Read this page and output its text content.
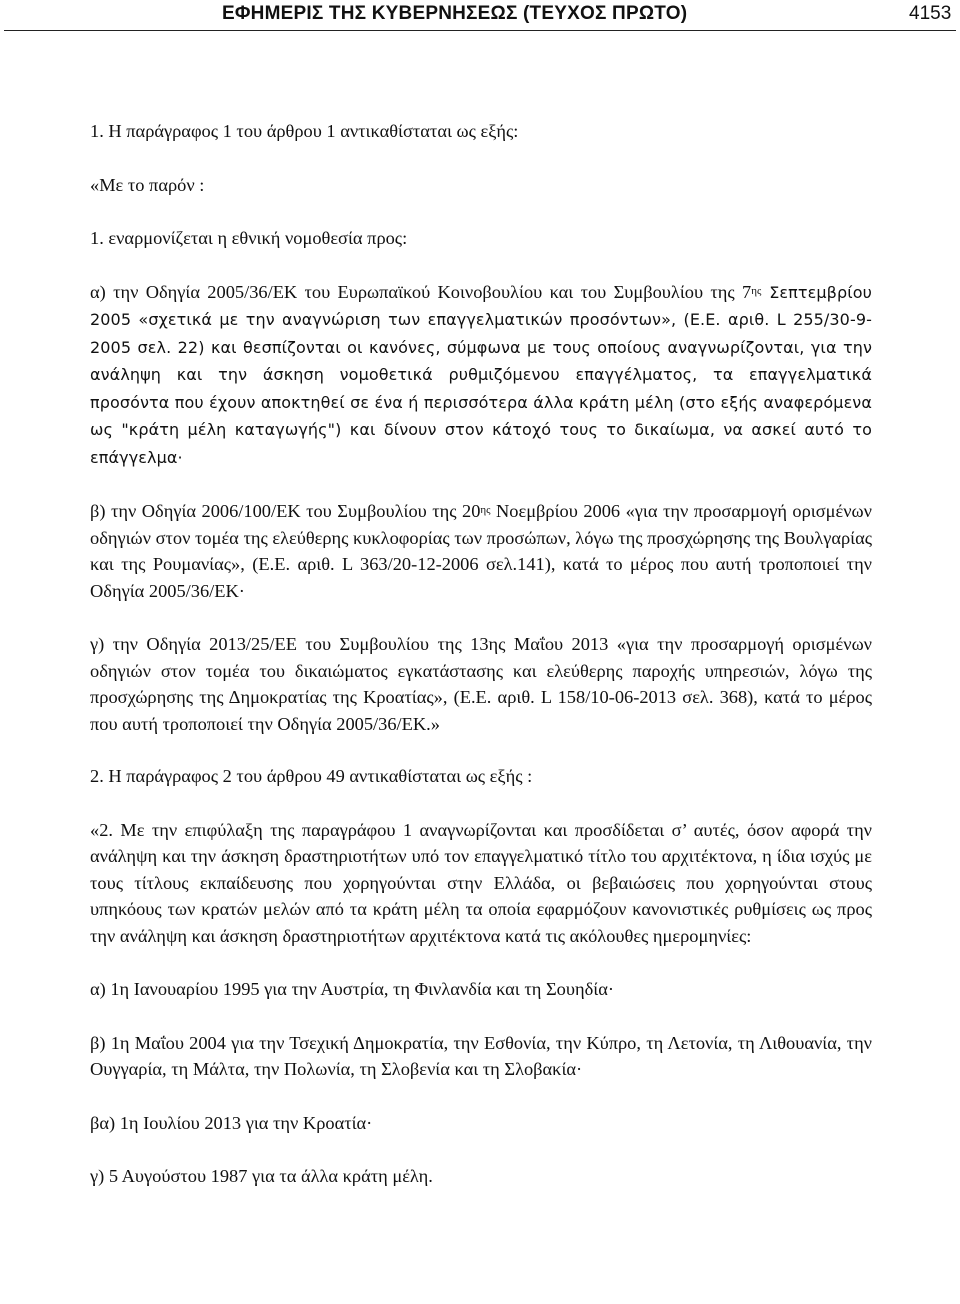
ΕΦΗΜΕΡΙΣ ΤΗΣ ΚΥΒΕΡΝΗΣΕΩΣ (ΤΕΥΧΟΣ ΠΡΩΤΟ)	4153

1. Η παράγραφος 1 του άρθρου 1 αντικαθίσταται ως εξής:

«Με το παρόν :

1. εναρμονίζεται η εθνική νομοθεσία προς:

α) την Οδηγία 2005/36/ΕΚ του Ευρωπαϊκού Κοινοβουλίου και του Συμβουλίου της $7^{\eta\varsigma}$ Σεπτεμβρίου 2005 «σχετικά με την αναγνώριση των επαγγελματικών προσόντων», (Ε.Ε. αριθ. L 255/30-9-2005 σελ. 22) και θεσπίζονται οι κανόνες, σύμφωνα με τους οποίους αναγνωρίζονται, για την ανάληψη και την άσκηση νομοθετικά ρυθμιζόμενου επαγγέλματος, τα επαγγελματικά προσόντα που έχουν αποκτηθεί σε ένα ή περισσότερα άλλα κράτη μέλη (στο εξής αναφερόμενα ως "κράτη μέλη καταγωγής") και δίνουν στον κάτοχό τους το δικαίωμα, να ασκεί αυτό το επάγγελμα·

β) την Οδηγία 2006/100/ΕΚ του Συμβουλίου της $20^{\eta\varsigma}$ Νοεμβρίου 2006 «για την προσαρμογή ορισμένων οδηγιών στον τομέα της ελεύθερης κυκλοφορίας των προσώπων, λόγω της προσχώρησης της Βουλγαρίας και της Ρουμανίας», (Ε.Ε. αριθ. L 363/20-12-2006 σελ.141), κατά το μέρος που αυτή τροποποιεί την Οδηγία 2005/36/ΕΚ·

γ) την Οδηγία 2013/25/ΕΕ του Συμβουλίου της 13ης Μαΐου 2013 «για την προσαρμογή ορισμένων οδηγιών στον τομέα του δικαιώματος εγκατάστασης και ελεύθερης παροχής υπηρεσιών, λόγω της προσχώρησης της Δημοκρατίας της Κροατίας», (Ε.Ε. αριθ. L 158/10-06-2013 σελ. 368), κατά το μέρος που αυτή τροποποιεί την Οδηγία 2005/36/ΕΚ.»

2. Η παράγραφος 2 του άρθρου 49 αντικαθίσταται ως εξής :

«2. Με την επιφύλαξη της παραγράφου 1 αναγνωρίζονται και προσδίδεται σ’ αυτές, όσον αφορά την ανάληψη και την άσκηση δραστηριοτήτων υπό τον επαγγελματικό τίτλο του αρχιτέκτονα, η ίδια ισχύς με τους τίτλους εκπαίδευσης που χορηγούνται στην Ελλάδα, οι βεβαιώσεις που χορηγούνται στους υπηκόους των κρατών μελών από τα κράτη μέλη τα οποία εφαρμόζουν κανονιστικές ρυθμίσεις ως προς την ανάληψη και άσκηση δραστηριοτήτων αρχιτέκτονα κατά τις ακόλουθες ημερομηνίες:

α) 1η Ιανουαρίου 1995 για την Αυστρία, τη Φινλανδία και τη Σουηδία·

β) 1η Μαΐου 2004 για την Τσεχική Δημοκρατία, την Εσθονία, την Κύπρο, τη Λετονία, τη Λιθουανία, την Ουγγαρία, τη Μάλτα, την Πολωνία, τη Σλοβενία και τη Σλοβακία·

βα) 1η Ιουλίου 2013 για την Κροατία·

γ) 5 Αυγούστου 1987 για τα άλλα κράτη μέλη.
